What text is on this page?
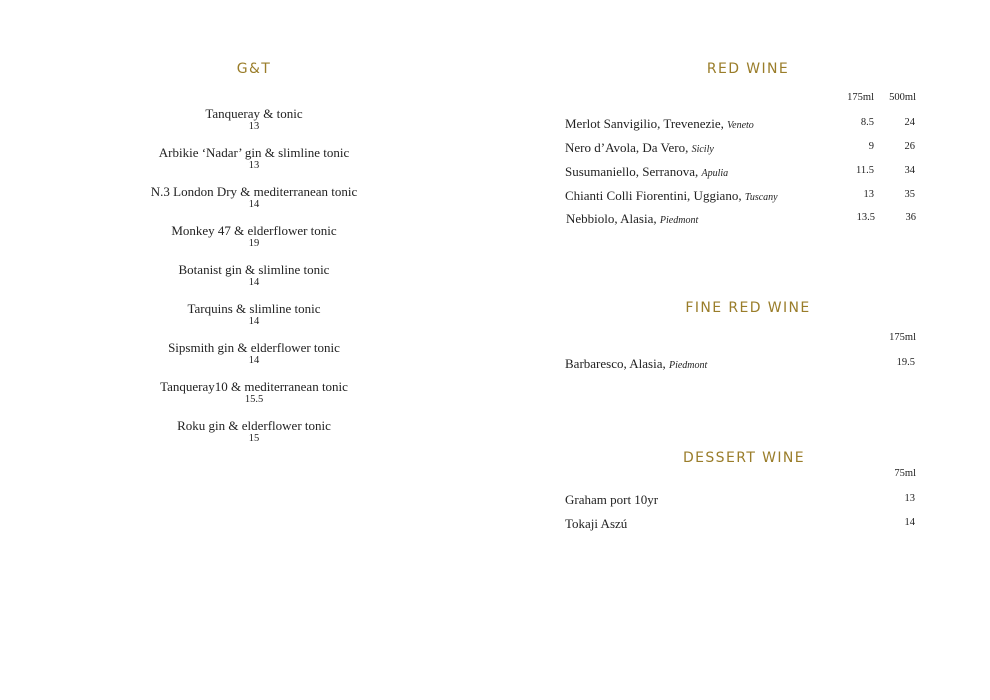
G&T
Tanqueray & tonic
13
Arbikie ‘Nadar’ gin & slimline tonic
13
N.3 London Dry & mediterranean tonic
14
Monkey 47 & elderflower tonic
19
Botanist gin & slimline tonic
14
Tarquins & slimline tonic
14
Sipsmith gin & elderflower tonic
14
Tanqueray10 & mediterranean tonic
15.5
Roku gin & elderflower tonic
15
RED WINE
175ml	500ml
Merlot Sanvigilio, Trevenezie, Veneto	8.5	24
Nero d’Avola, Da Vero, Sicily	9	26
Susumaniello, Serranova, Apulia	11.5	34
Chianti Colli Fiorentini, Uggiano, Tuscany	13	35
Nebbiolo, Alasia, Piedmont	13.5	36
FINE RED WINE
175ml
Barbaresco, Alasia, Piedmont	19.5
DESSERT WINE
75ml
Graham port 10yr	13
Tokaji Aszú	14
